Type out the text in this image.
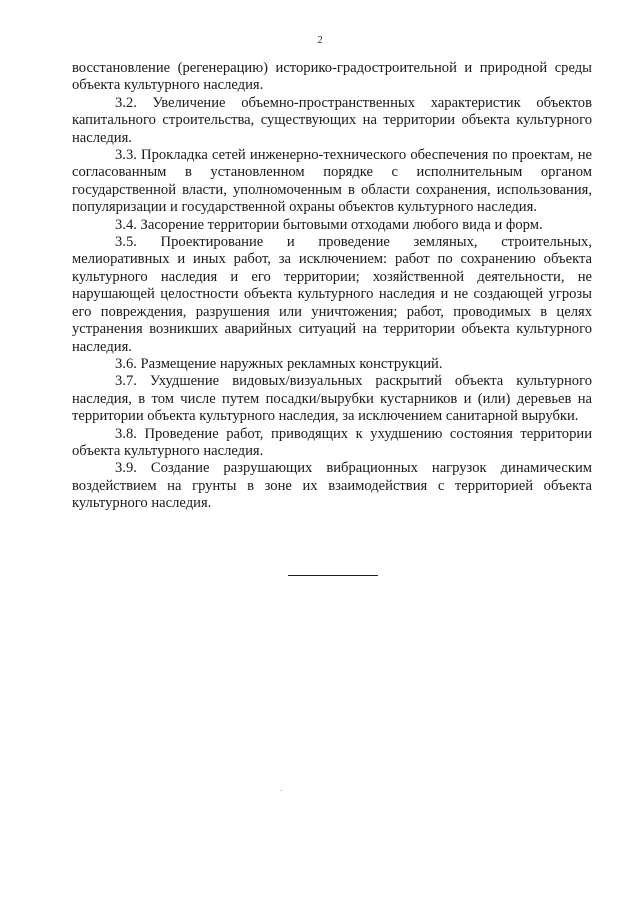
2

восстановление (регенерацию) историко-градостроительной и природной среды объекта культурного наследия.

3.2. Увеличение объемно-пространственных характеристик объектов капитального строительства, существующих на территории объекта культурного наследия.

3.3. Прокладка сетей инженерно-технического обеспечения по проектам, не согласованным в установленном порядке с исполнительным органом государственной власти, уполномоченным в области сохранения, использования, популяризации и государственной охраны объектов культурного наследия.

3.4. Засорение территории бытовыми отходами любого вида и форм.

3.5. Проектирование и проведение земляных, строительных, мелиоративных и иных работ, за исключением: работ по сохранению объекта культурного наследия и его территории; хозяйственной деятельности, не нарушающей целостности объекта культурного наследия и не создающей угрозы его повреждения, разрушения или уничтожения; работ, проводимых в целях устранения возникших аварийных ситуаций на территории объекта культурного наследия.

3.6. Размещение наружных рекламных конструкций.

3.7. Ухудшение видовых/визуальных раскрытий объекта культурного наследия, в том числе путем посадки/вырубки кустарников и (или) деревьев на территории объекта культурного наследия, за исключением санитарной вырубки.

3.8. Проведение работ, приводящих к ухудшению состояния территории объекта культурного наследия.

3.9. Создание разрушающих вибрационных нагрузок динамическим воздействием на грунты в зоне их взаимодействия с территорией объекта культурного наследия.
